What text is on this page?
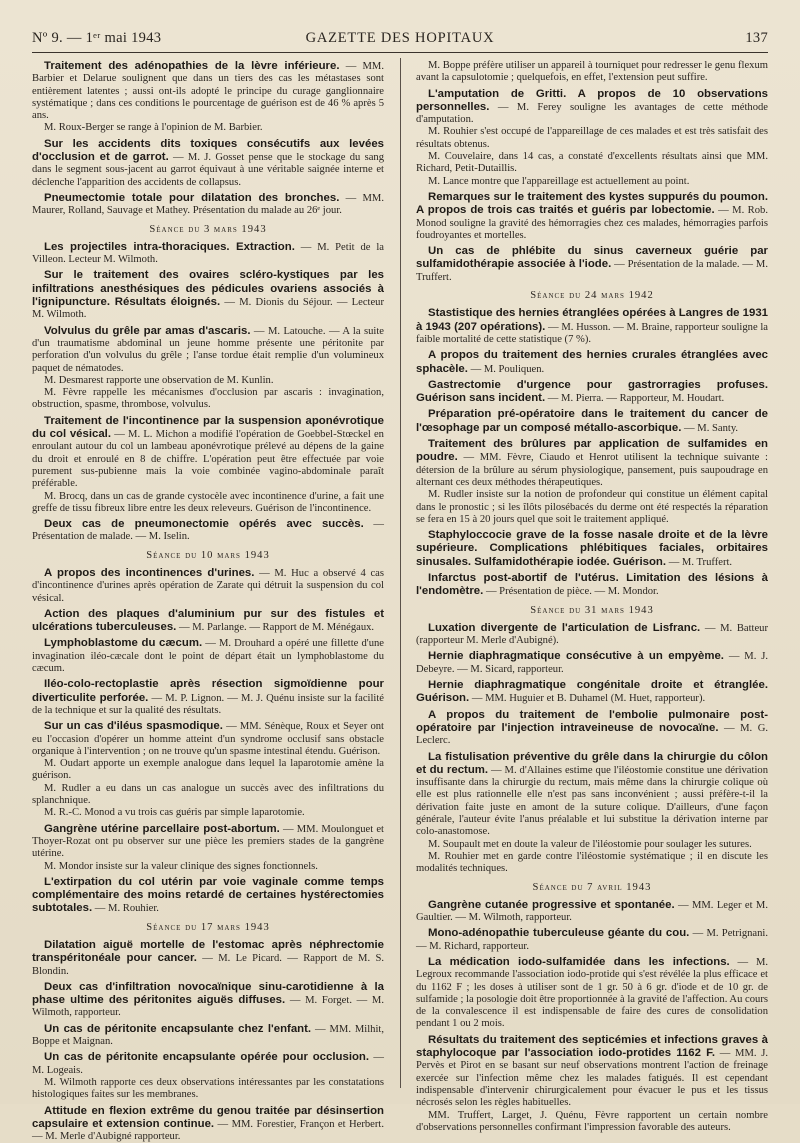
Nº 9. — 1ᵉʳ mai 1943	GAZETTE DES HOPITAUX	137

Traitement des adénopathies de la lèvre inférieure. — MM. Barbier et Delarue soulignent que dans un tiers des cas les métastases sont entièrement latentes ; aussi ont-ils adopté le principe du curage ganglionnaire systématique ; dans ces conditions le pourcentage de guérison est de 46 % après 5 ans.

M. Roux-Berger se range à l'opinion de M. Barbier.

Sur les accidents dits toxiques consécutifs aux levées d'occlusion et de garrot. — M. J. Gosset pense que le stockage du sang dans le segment sous-jacent au garrot équivaut à une véritable saignée interne et déclenche l'apparition des accidents de collapsus.

Pneumectomie totale pour dilatation des bronches. — MM. Maurer, Rolland, Sauvage et Mathey. Présentation du malade au 26ᵉ jour.

Séance du 3 mars 1943

Les projectiles intra-thoraciques. Extraction. — M. Petit de la Villeon. Lecteur M. Wilmoth.

Sur le traitement des ovaires scléro-kystiques par les infiltrations anesthésiques des pédicules ovariens associés à l'ignipuncture. Résultats éloignés. — M. Dionis du Séjour. — Lecteur M. Wilmoth.

Volvulus du grêle par amas d'ascaris. — M. Latouche. — A la suite d'un traumatisme abdominal un jeune homme présente une péritonite par perforation d'un volvulus du grêle ; l'anse tordue était remplie d'un volumineux paquet de nématodes.

M. Desmarest rapporte une observation de M. Kunlin.

M. Fèvre rappelle les mécanismes d'occlusion par ascaris : invagination, obstruction, spasme, thrombose, volvulus.

Traitement de l'incontinence par la suspension aponévrotique du col vésical. — M. L. Michon a modifié l'opération de Goebbel-Stœckel en enroulant autour du col un lambeau aponévrotique prélevé au dépens de la gaine du droit et enroulé en 8 de chiffre. L'opération peut être effectuée par voie purement sus-pubienne mais la voie combinée vagino-abdominale paraît préférable.

M. Brocq, dans un cas de grande cystocèle avec incontinence d'urine, a fait une greffe de tissu fibreux libre entre les deux releveurs. Guérison de l'incontinence.

Deux cas de pneumonectomie opérés avec succès. — Présentation de malade. — M. Iselin.

Séance du 10 mars 1943

A propos des incontinences d'urines. — M. Huc a observé 4 cas d'incontinence d'urines après opération de Zarate qui détruit la suspension du col vésical.

Action des plaques d'aluminium pur sur des fistules et ulcérations tuberculeuses. — M. Parlange. — Rapport de M. Ménégaux.

Lymphoblastome du cæcum. — M. Drouhard a opéré une fillette d'une invagination iléo-cæcale dont le point de départ était un lymphoblastome du cæcum.

Iléo-colo-rectoplastie après résection sigmoïdienne pour diverticulite perforée. — M. P. Lignon. — M. J. Quénu insiste sur la facilité de la technique et sur la qualité des résultats.

Sur un cas d'iléus spasmodique. — MM. Sénèque, Roux et Seyer ont eu l'occasion d'opérer un homme atteint d'un syndrome occlusif sans obstacle organique à l'intervention ; on ne trouve qu'un spasme intestinal étendu. Guérison.

M. Oudart apporte un exemple analogue dans lequel la laparotomie amène la guérison.

M. Rudler a eu dans un cas analogue un succès avec des infiltrations du splanchnique.

M. R.-C. Monod a vu trois cas guéris par simple laparotomie.

Gangrène utérine parcellaire post-abortum. — MM. Moulonguet et Thoyer-Rozat ont pu observer sur une pièce les premiers stades de la gangrène utérine.

M. Mondor insiste sur la valeur clinique des signes fonctionnels.

L'extirpation du col utérin par voie vaginale comme temps complémentaire des moins retardé de certaines hystérectomies subtotales. — M. Rouhier.

Séance du 17 mars 1943

Dilatation aiguë mortelle de l'estomac après néphrectomie transpéritonéale pour cancer. — M. Le Picard. — Rapport de M. S. Blondin.

Deux cas d'infiltration novocaïnique sinu-carotidienne à la phase ultime des péritonites aiguës diffuses. — M. Forget. — M. Wilmoth, rapporteur.

Un cas de péritonite encapsulante chez l'enfant. — MM. Milhit, Boppe et Maignan.

Un cas de péritonite encapsulante opérée pour occlusion. — M. Logeais.

M. Wilmoth rapporte ces deux observations intéressantes par les constatations histologiques faites sur les membranes.

Attitude en flexion extrême du genou traitée par désinsertion capsulaire et extension continue. — MM. Forestier, Françon et Herbert. — M. Merle d'Aubigné rapporteur.

M. Boppe préfère utiliser un appareil à tourniquet pour redresser le genu flexum avant la capsulotomie ; quelquefois, en effet, l'extension peut suffire.

L'amputation de Gritti. A propos de 10 observations personnelles. — M. Ferey souligne les avantages de cette méthode d'amputation.

M. Rouhier s'est occupé de l'appareillage de ces malades et est très satisfait des résultats obtenus.

M. Couvelaire, dans 14 cas, a constaté d'excellents résultats ainsi que MM. Richard, Petit-Dutaillis.

M. Lance montre que l'appareillage est actuellement au point.

Remarques sur le traitement des kystes suppurés du poumon. A propos de trois cas traités et guéris par lobectomie. — M. Rob. Monod souligne la gravité des hémorragies chez ces malades, hémorragies parfois foudroyantes et mortelles.

Un cas de phlébite du sinus caverneux guérie par sulfamidothérapie associée à l'iode. — Présentation de la malade. — M. Truffert.

Séance du 24 mars 1942

Stastistique des hernies étranglées opérées à Langres de 1931 à 1943 (207 opérations). — M. Husson. — M. Braine, rapporteur souligne la faible mortalité de cette statistique (7 %).

A propos du traitement des hernies crurales étranglées avec sphacèle. — M. Pouliquen.

Gastrectomie d'urgence pour gastrorragies profuses. Guérison sans incident. — M. Pierra. — Rapporteur, M. Houdart.

Préparation pré-opératoire dans le traitement du cancer de l'œsophage par un composé métallo-ascorbique. — M. Santy.

Traitement des brûlures par application de sulfamides en poudre. — MM. Fèvre, Ciaudo et Henrot utilisent la technique suivante : détersion de la brûlure au sérum physiologique, pansement, puis saupoudrage en alternant ces deux méthodes thérapeutiques.

M. Rudler insiste sur la notion de profondeur qui constitue un élément capital dans le pronostic ; si les îlôts pilosébacés du derme ont été respectés la réparation se fera en 15 à 20 jours quel que soit le traitement appliqué.

Staphyloccocie grave de la fosse nasale droite et de la lèvre supérieure. Complications phlébitiques faciales, orbitaires sinusales. Sulfamidothérapie iodée. Guérison. — M. Truffert.

Infarctus post-abortif de l'utérus. Limitation des lésions à l'endomètre. — Présentation de pièce. — M. Mondor.

Séance du 31 mars 1943

Luxation divergente de l'articulation de Lisfranc. — M. Batteur (rapporteur M. Merle d'Aubigné).

Hernie diaphragmatique consécutive à un empyème. — M. J. Debeyre. — M. Sicard, rapporteur.

Hernie diaphragmatique congénitale droite et étranglée. Guérison. — MM. Huguier et B. Duhamel (M. Huet, rapporteur).

A propos du traitement de l'embolie pulmonaire post-opératoire par l'injection intraveineuse de novocaïne. — M. G. Leclerc.

La fistulisation préventive du grêle dans la chirurgie du côlon et du rectum. — M. d'Allaines estime que l'iléostomie constitue une dérivation insuffisante dans la chirurgie du rectum, mais même dans la chirurgie colique où elle est plus rationnelle elle n'est pas sans inconvénient ; aussi préfère-t-il la dérivation faite juste en amont de la suture colique. D'ailleurs, d'une façon générale, l'auteur évite l'anus préalable et lui substitue la dérivation interne par colo-anastomose.

M. Soupault met en doute la valeur de l'iléostomie pour soulager les sutures.

M. Rouhier met en garde contre l'iléostomie systématique ; il en discute les modalités techniques.

Séance du 7 avril 1943

Gangrène cutanée progressive et spontanée. — MM. Leger et M. Gaultier. — M. Wilmoth, rapporteur.

Mono-adénopathie tuberculeuse géante du cou. — M. Petrignani. — M. Richard, rapporteur.

La médication iodo-sulfamidée dans les infections. — M. Legroux recommande l'association iodo-protide qui s'est révélée la plus efficace et du 1162 F ; les doses à utiliser sont de 1 gr. 50 à 6 gr. d'iode et de 10 gr. de sulfamide ; la posologie doit être proportionnée à la gravité de l'affection. Au cours de la convalescence il est indispensable de faire des cures de consolidation pendant 1 ou 2 mois.

Résultats du traitement des septicémies et infections graves à staphylocoque par l'association iodo-protides 1162 F. — MM. J. Pervès et Pirot en se basant sur neuf observations montrent l'action de freinage exercée sur l'infection même chez les malades fatigués. Il est cependant indispensable d'intervenir chirurgicalement pour évacuer le pus et les tissus nécrosés selon les règles habituelles.

MM. Truffert, Larget, J. Quénu, Fèvre rapportent un certain nombre d'observations personnelles confirmant l'impression favorable des auteurs.
